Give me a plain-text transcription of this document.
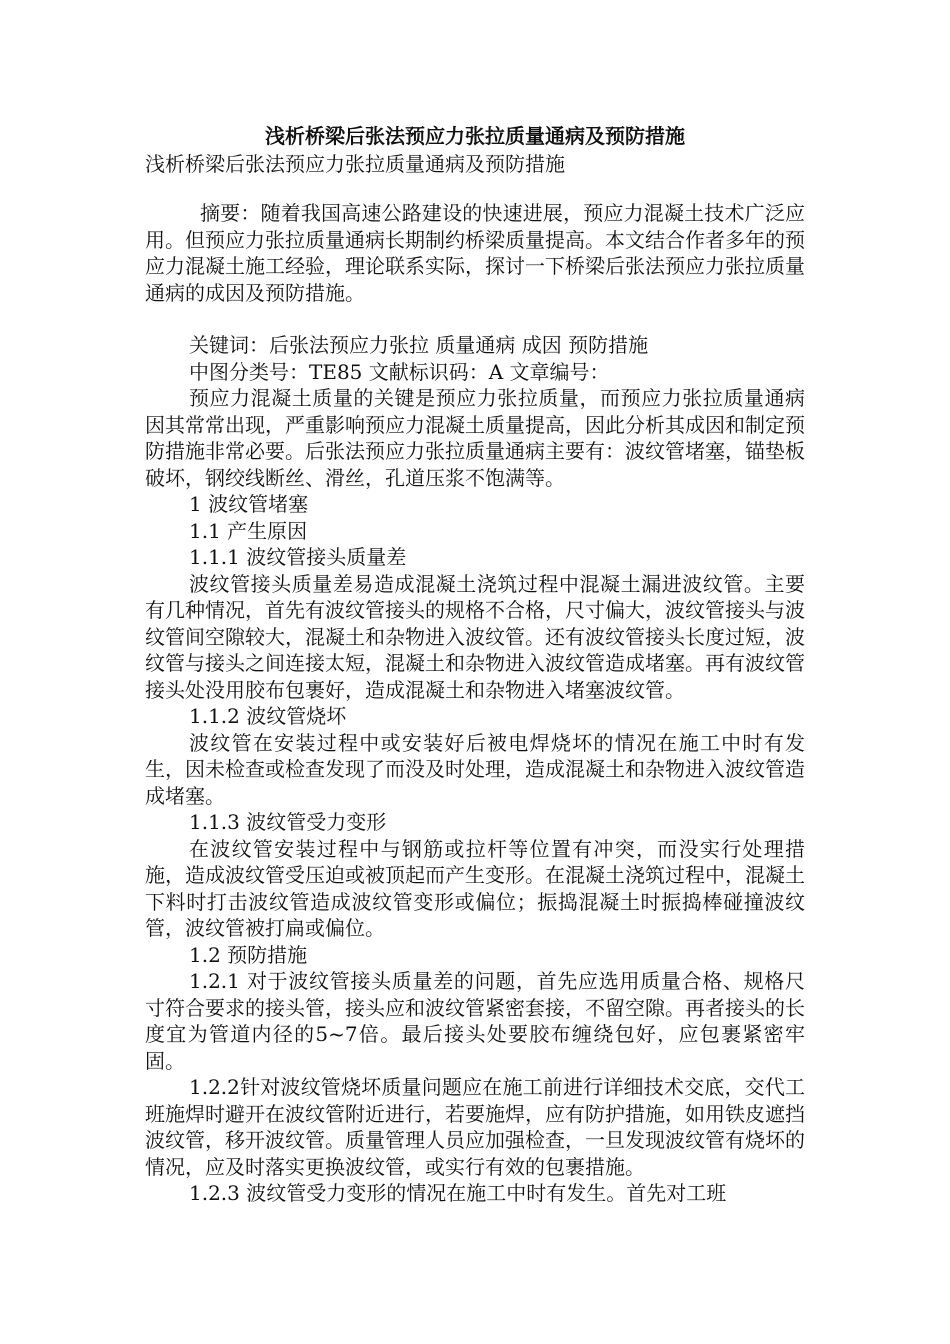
浅析桥梁后张法预应力张拉质量通病及预防措施
浅析桥梁后张法预应力张拉质量通病及预防措施

摘要：随着我国高速公路建设的快速进展，预应力混凝土技术广泛应用。但预应力张拉质量通病长期制约桥梁质量提高。本文结合作者多年的预应力混凝土施工经验，理论联系实际，探讨一下桥梁后张法预应力张拉质量通病的成因及预防措施。

关键词：后张法预应力张拉 质量通病 成因 预防措施

中图分类号：TE85 文献标识码：A 文章编号：

预应力混凝土质量的关键是预应力张拉质量，而预应力张拉质量通病因其常常出现，严重影响预应力混凝土质量提高，因此分析其成因和制定预防措施非常必要。后张法预应力张拉质量通病主要有：波纹管堵塞，锚垫板破坏，钢绞线断丝、滑丝，孔道压浆不饱满等。

1 波纹管堵塞

1.1 产生原因

1.1.1 波纹管接头质量差

波纹管接头质量差易造成混凝土浇筑过程中混凝土漏进波纹管。主要有几种情况，首先有波纹管接头的规格不合格，尺寸偏大，波纹管接头与波纹管间空隙较大，混凝土和杂物进入波纹管。还有波纹管接头长度过短，波纹管与接头之间连接太短，混凝土和杂物进入波纹管造成堵塞。再有波纹管接头处没用胶布包裹好，造成混凝土和杂物进入堵塞波纹管。

1.1.2 波纹管烧坏

波纹管在安装过程中或安装好后被电焊烧坏的情况在施工中时有发生，因未检查或检查发现了而没及时处理，造成混凝土和杂物进入波纹管造成堵塞。

1.1.3 波纹管受力变形

在波纹管安装过程中与钢筋或拉杆等位置有冲突，而没实行处理措施，造成波纹管受压迫或被顶起而产生变形。在混凝土浇筑过程中，混凝土下料时打击波纹管造成波纹管变形或偏位；振捣混凝土时振捣棒碰撞波纹管，波纹管被打扁或偏位。

1.2 预防措施

1.2.1 对于波纹管接头质量差的问题，首先应选用质量合格、规格尺寸符合要求的接头管，接头应和波纹管紧密套接，不留空隙。再者接头的长度宜为管道内径的5~7倍。最后接头处要胶布缠绕包好，应包裹紧密牢固。

1.2.2针对波纹管烧坏质量问题应在施工前进行详细技术交底，交代工班施焊时避开在波纹管附近进行，若要施焊，应有防护措施，如用铁皮遮挡波纹管，移开波纹管。质量管理人员应加强检查，一旦发现波纹管有烧坏的情况，应及时落实更换波纹管，或实行有效的包裹措施。

1.2.3 波纹管受力变形的情况在施工中时有发生。首先对工班
